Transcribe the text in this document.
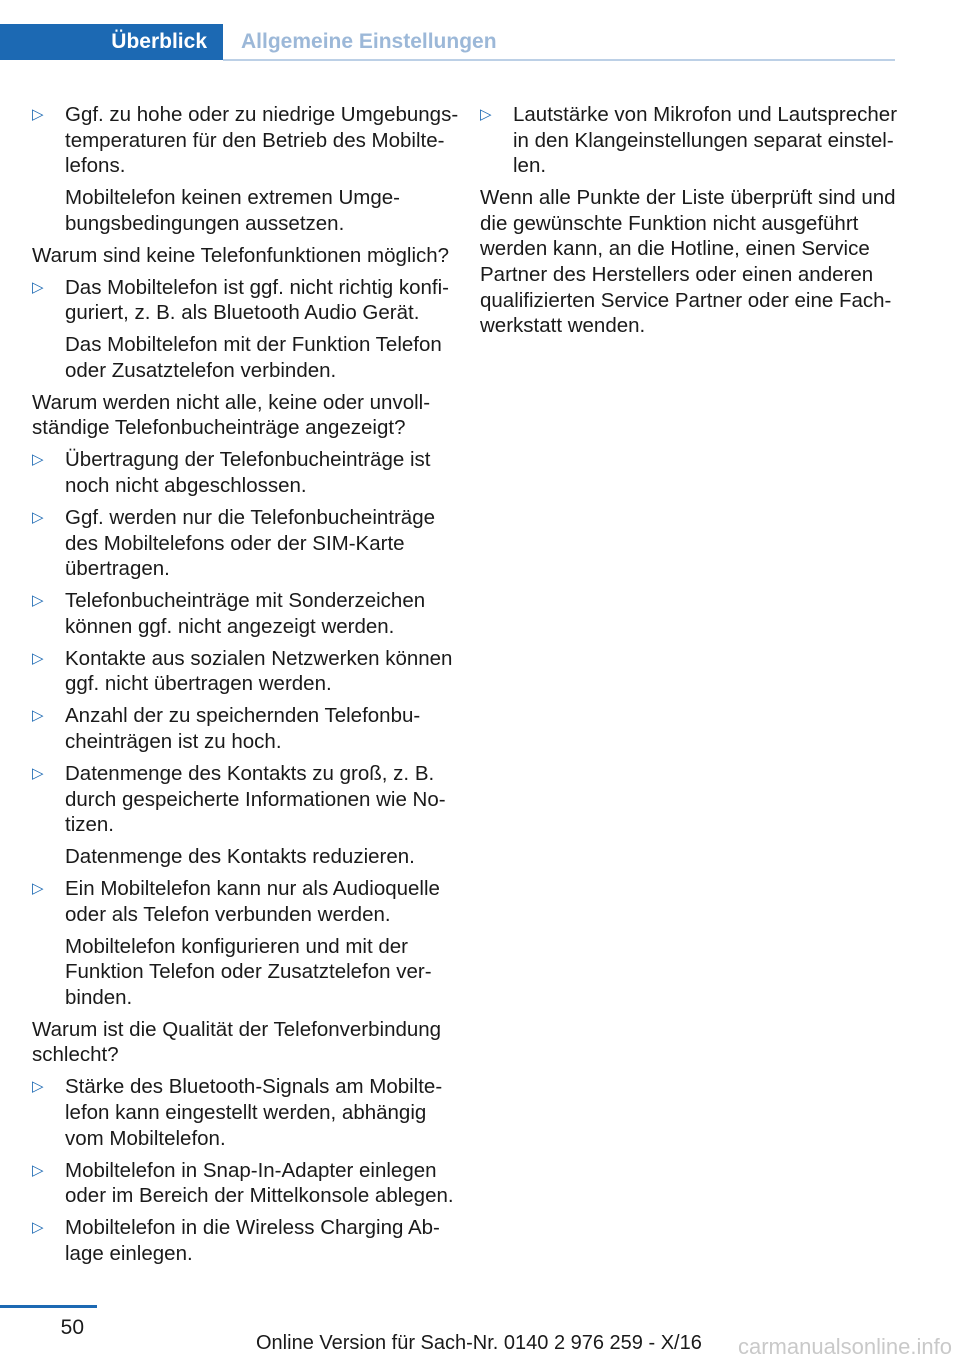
Überblick	Allgemeine Einstellungen
▷ Ggf. zu hohe oder zu niedrige Umgebungs-
temperaturen für den Betrieb des Mobilte-
lefons.

Mobiltelefon keinen extremen Umge-
bungsbedingungen aussetzen.

Warum sind keine Telefonfunktionen möglich?
▷ Das Mobiltelefon ist ggf. nicht richtig konfi-
guriert, z. B. als Bluetooth Audio Gerät.

Das Mobiltelefon mit der Funktion Telefon
oder Zusatztelefon verbinden.

Warum werden nicht alle, keine oder unvoll-
ständige Telefonbucheinträge angezeigt?
▷ Übertragung der Telefonbucheinträge ist
noch nicht abgeschlossen.

▷ Ggf. werden nur die Telefonbucheinträge
des Mobiltelefons oder der SIM-Karte
übertragen.

▷ Telefonbucheinträge mit Sonderzeichen
können ggf. nicht angezeigt werden.

▷ Kontakte aus sozialen Netzwerken können
ggf. nicht übertragen werden.

▷ Anzahl der zu speichernden Telefonbu-
cheinträgen ist zu hoch.

▷ Datenmenge des Kontakts zu groß, z. B.
durch gespeicherte Informationen wie No-
tizen.

Datenmenge des Kontakts reduzieren.

▷ Ein Mobiltelefon kann nur als Audioquelle
oder als Telefon verbunden werden.

Mobiltelefon konfigurieren und mit der
Funktion Telefon oder Zusatztelefon ver-
binden.

Warum ist die Qualität der Telefonverbindung
schlecht?
▷ Stärke des Bluetooth-Signals am Mobilte-
lefon kann eingestellt werden, abhängig
vom Mobiltelefon.

▷ Mobiltelefon in Snap-In-Adapter einlegen
oder im Bereich der Mittelkonsole ablegen.

▷ Mobiltelefon in die Wireless Charging Ab-
lage einlegen.

▷ Lautstärke von Mikrofon und Lautsprecher
in den Klangeinstellungen separat einstel-
len.

Wenn alle Punkte der Liste überprüft sind und
die gewünschte Funktion nicht ausgeführt
werden kann, an die Hotline, einen Service
Partner des Herstellers oder einen anderen
qualifizierten Service Partner oder eine Fach-
werkstatt wenden.
50
Online Version für Sach-Nr. 0140 2 976 259 - X/16 carmanualsonline.info
